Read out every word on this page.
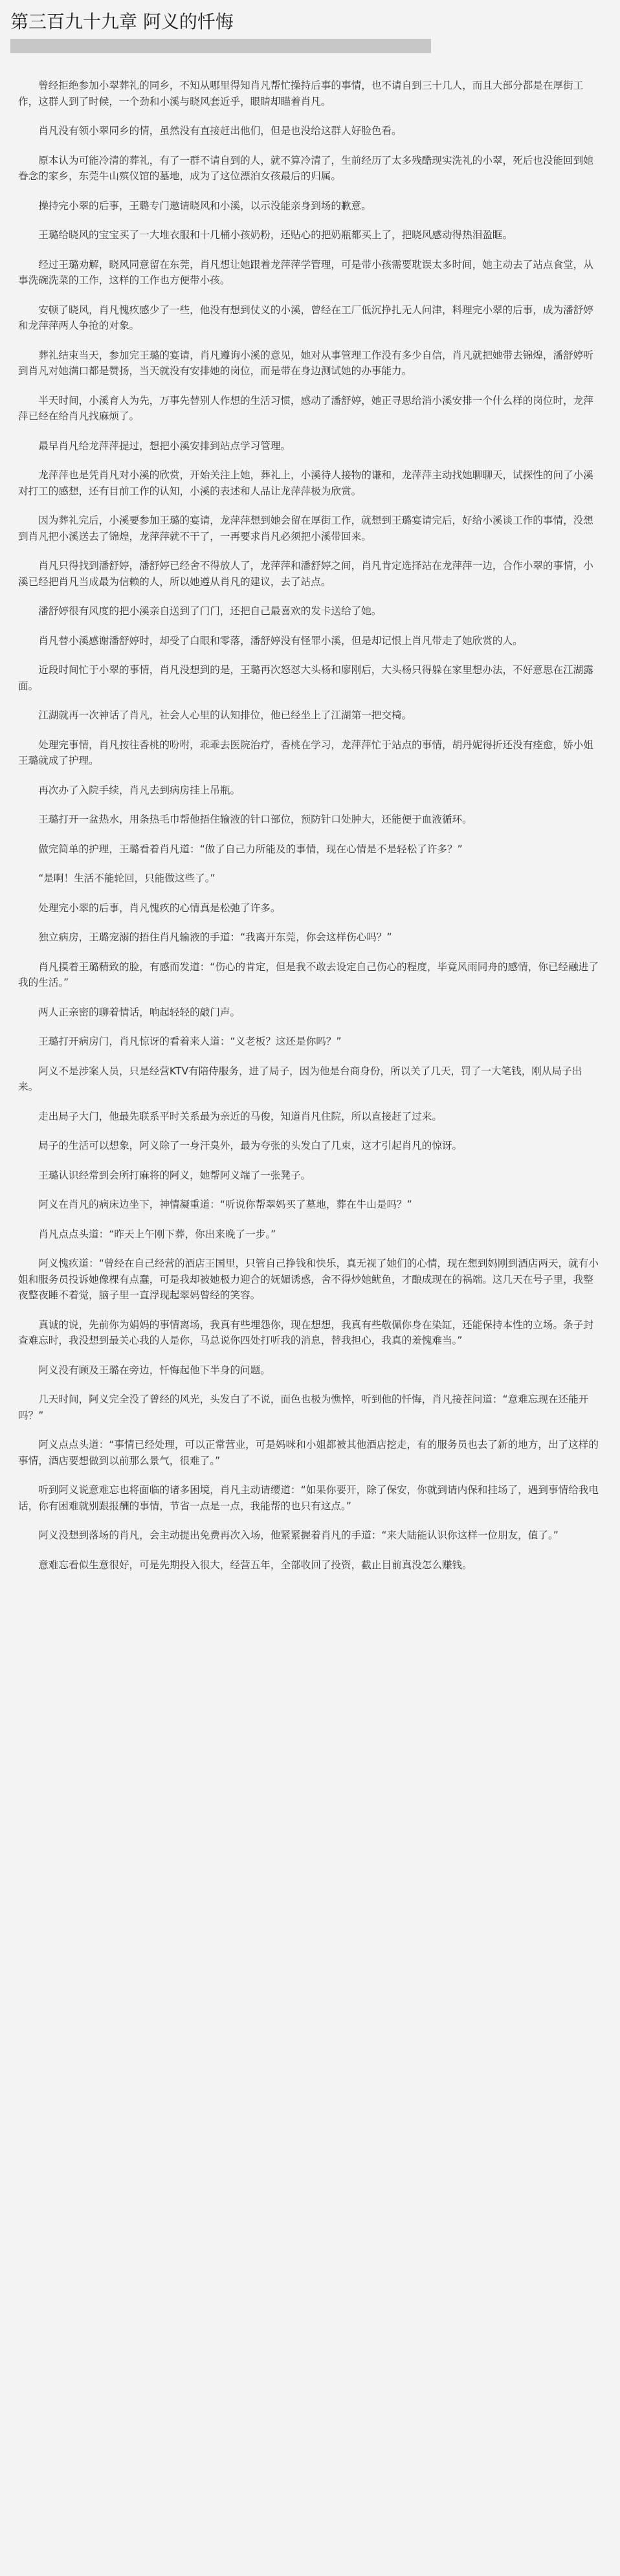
第三百九十九章 阿义的忏悔

曾经拒绝参加小翠葬礼的同乡，不知从哪里得知肖凡帮忙操持后事的事情，也不请自到三十几人，而且大部分都是在厚街工作，这群人到了时候，一个劲和小溪与晓风套近乎，眼睛却瞄着肖凡。

肖凡没有领小翠同乡的情，虽然没有直接赶出他们，但是也没给这群人好脸色看。

原本认为可能冷清的葬礼，有了一群不请自到的人，就不算冷清了，生前经历了太多残酷现实洗礼的小翠，死后也没能回到她眷念的家乡，东莞牛山殡仪馆的墓地，成为了这位漂泊女孩最后的归属。

操持完小翠的后事，王璐专门邀请晓风和小溪，以示没能亲身到场的歉意。

王璐给晓风的宝宝买了一大堆衣服和十几桶小孩奶粉，还贴心的把奶瓶都买上了，把晓风感动得热泪盈眶。

经过王璐劝解，晓风同意留在东莞，肖凡想让她跟着龙萍萍学管理，可是带小孩需要耽误太多时间，她主动去了站点食堂，从事洗碗洗菜的工作，这样的工作也方便带小孩。

安顿了晓风，肖凡愧疚感少了一些，他没有想到仗义的小溪，曾经在工厂低沉挣扎无人问津，料理完小翠的后事，成为潘舒婷和龙萍萍两人争抢的对象。

葬礼结束当天，参加完王璐的宴请，肖凡遵询小溪的意见，她对从事管理工作没有多少自信，肖凡就把她带去锦煌，潘舒婷听到肖凡对她满口都是赞扬，当天就没有安排她的岗位，而是带在身边测试她的办事能力。

半天时间，小溪育人为先，万事先替别人作想的生活习惯，感动了潘舒婷，她正寻思给消小溪安排一个什么样的岗位时，龙萍萍已经在给肖凡找麻烦了。

最早肖凡给龙萍萍提过，想把小溪安排到站点学习管理。

龙萍萍也是凭肖凡对小溪的欣赏，开始关注上她，葬礼上，小溪待人接物的谦和，龙萍萍主动找她聊聊天，试探性的问了小溪对打工的感想，还有目前工作的认知，小溪的表述和人品让龙萍萍极为欣赏。

因为葬礼完后，小溪要参加王璐的宴请，龙萍萍想到她会留在厚街工作，就想到王璐宴请完后，好给小溪谈工作的事情，没想到肖凡把小溪送去了锦煌，龙萍萍就不干了，一再要求肖凡必须把小溪带回来。

肖凡只得找到潘舒婷，潘舒婷已经舍不得放人了，龙萍萍和潘舒婷之间，肖凡肯定选择站在龙萍萍一边，合作小翠的事情，小溪已经把肖凡当成最为信赖的人，所以她遵从肖凡的建议，去了站点。

潘舒婷很有风度的把小溪亲自送到了门门，还把自己最喜欢的发卡送给了她。

肖凡替小溪感谢潘舒婷时，却受了白眼和零落，潘舒婷没有怪罪小溪，但是却记恨上肖凡带走了她欣赏的人。

近段时间忙于小翠的事情，肖凡没想到的是，王璐再次怒怼大头杨和廖刚后，大头杨只得躲在家里想办法，不好意思在江湖露面。

江湖就再一次神话了肖凡，社会人心里的认知排位，他已经坐上了江湖第一把交椅。

处理完事情，肖凡按往香桃的吩咐，乖乖去医院治疗，香桃在学习，龙萍萍忙于站点的事情，胡丹妮得折还没有痊愈，娇小姐王璐就成了护理。

再次办了入院手续，肖凡去到病房挂上吊瓶。

王璐打开一盆热水，用条热毛巾帮他捂住输液的针口部位，预防针口处肿大，还能便于血液循环。

做完简单的护理，王璐看着肖凡道：“做了自己力所能及的事情，现在心情是不是轻松了许多？”

“是啊！生活不能轮回，只能做这些了。”

处理完小翠的后事，肖凡愧疚的心情真是松弛了许多。

独立病房，王璐宠溺的捂住肖凡输液的手道：“我离开东莞，你会这样伤心吗？”

肖凡摸着王璐精致的脸，有感而发道：“伤心的肯定，但是我不敢去设定自己伤心的程度，毕竟风雨同舟的感情，你已经融进了我的生活。”

两人正亲密的聊着情话，响起轻轻的敲门声。

王璐打开病房门，肖凡惊讶的看着来人道：“义老板？这还是你吗？”

阿义不是涉案人员，只是经营KTV有陪侍服务，进了局子，因为他是台商身份，所以关了几天，罚了一大笔钱，刚从局子出来。

走出局子大门，他最先联系平时关系最为亲近的马俊，知道肖凡住院，所以直接赶了过来。

局子的生活可以想象，阿义除了一身汗臭外，最为夸张的头发白了几束，这才引起肖凡的惊讶。

王璐认识经常到会所打麻将的阿义，她帮阿义端了一张凳子。

阿义在肖凡的病床边坐下，神情凝重道：“听说你帮翠妈买了墓地，葬在牛山是吗？”

肖凡点点头道：“昨天上午刚下葬，你出来晚了一步。”

阿义愧疚道：“曾经在自己经营的酒店王国里，只管自己挣钱和快乐，真无视了她们的心情，现在想到妈刚到酒店两天，就有小姐和服务员投诉她像棵有点蠢，可是我却被她极力迎合的妩媚诱惑，舍不得炒她鱿鱼，才酿成现在的祸端。这几天在号子里，我整夜整夜睡不着觉，脑子里一直浮现起翠妈曾经的笑容。

真诚的说，先前你为娟妈的事情离场，我真有些埋怨你，现在想想，我真有些敬佩你身在染缸，还能保持本性的立场。条子封查难忘时，我没想到最关心我的人是你，马总说你四处打听我的消息，替我担心，我真的羞愧难当。”

阿义没有顾及王璐在旁边，忏悔起他下半身的问题。

几天时间，阿义完全没了曾经的风光，头发白了不说，面色也极为憔悴，听到他的忏悔，肖凡接茬问道：“意难忘现在还能开吗？”

阿义点点头道：“事情已经处理，可以正常营业，可是妈咪和小姐都被其他酒店挖走，有的服务员也去了新的地方，出了这样的事情，酒店要想做到以前那么景气，很难了。”

听到阿义说意难忘也将面临的诸多困境，肖凡主动请缨道：“如果你要开，除了保安，你就到请内保和挂场了，遇到事情给我电话，你有困难就别跟报酬的事情，节省一点是一点，我能帮的也只有这点。”

阿义没想到落场的肖凡，会主动提出免费再次入场，他紧紧握着肖凡的手道：“来大陆能认识你这样一位朋友，值了。”

意难忘看似生意很好，可是先期投入很大，经营五年，全部收回了投资，截止目前真没怎么赚钱。
